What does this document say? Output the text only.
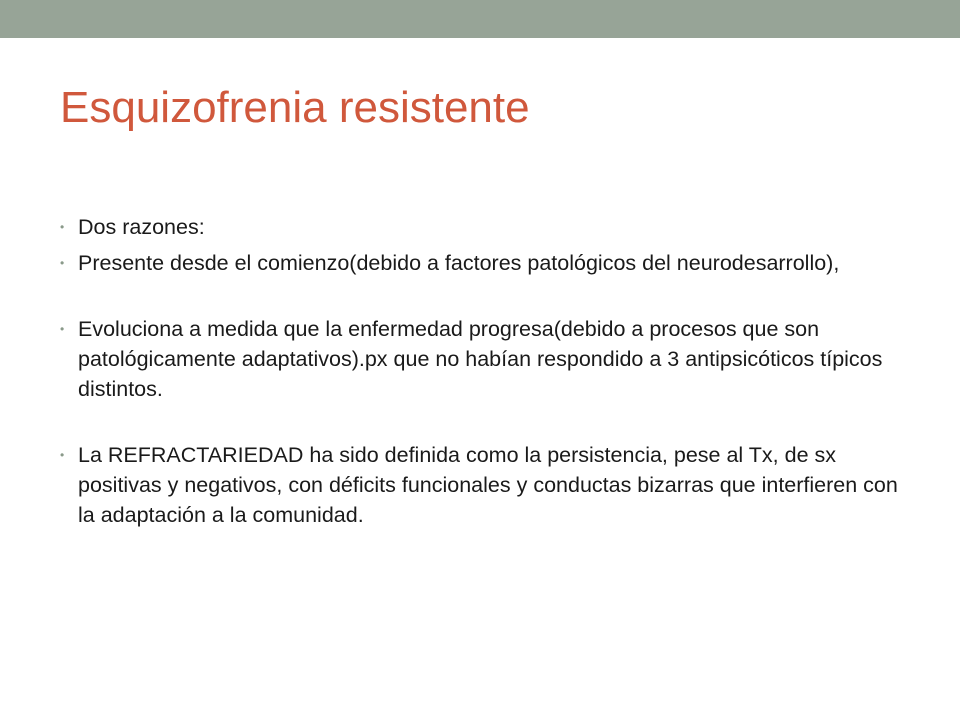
Esquizofrenia resistente
• Dos razones:
• Presente desde el comienzo(debido a factores patológicos del neurodesarrollo),
• Evoluciona a medida que la enfermedad progresa(debido a procesos que son patológicamente adaptativos).px que no habían respondido a 3 antipsicóticos típicos distintos.
• La REFRACTARIEDAD ha sido definida como la persistencia, pese al Tx, de sx positivas y negativos, con déficits funcionales y conductas bizarras que interfieren con la adaptación a la comunidad.
